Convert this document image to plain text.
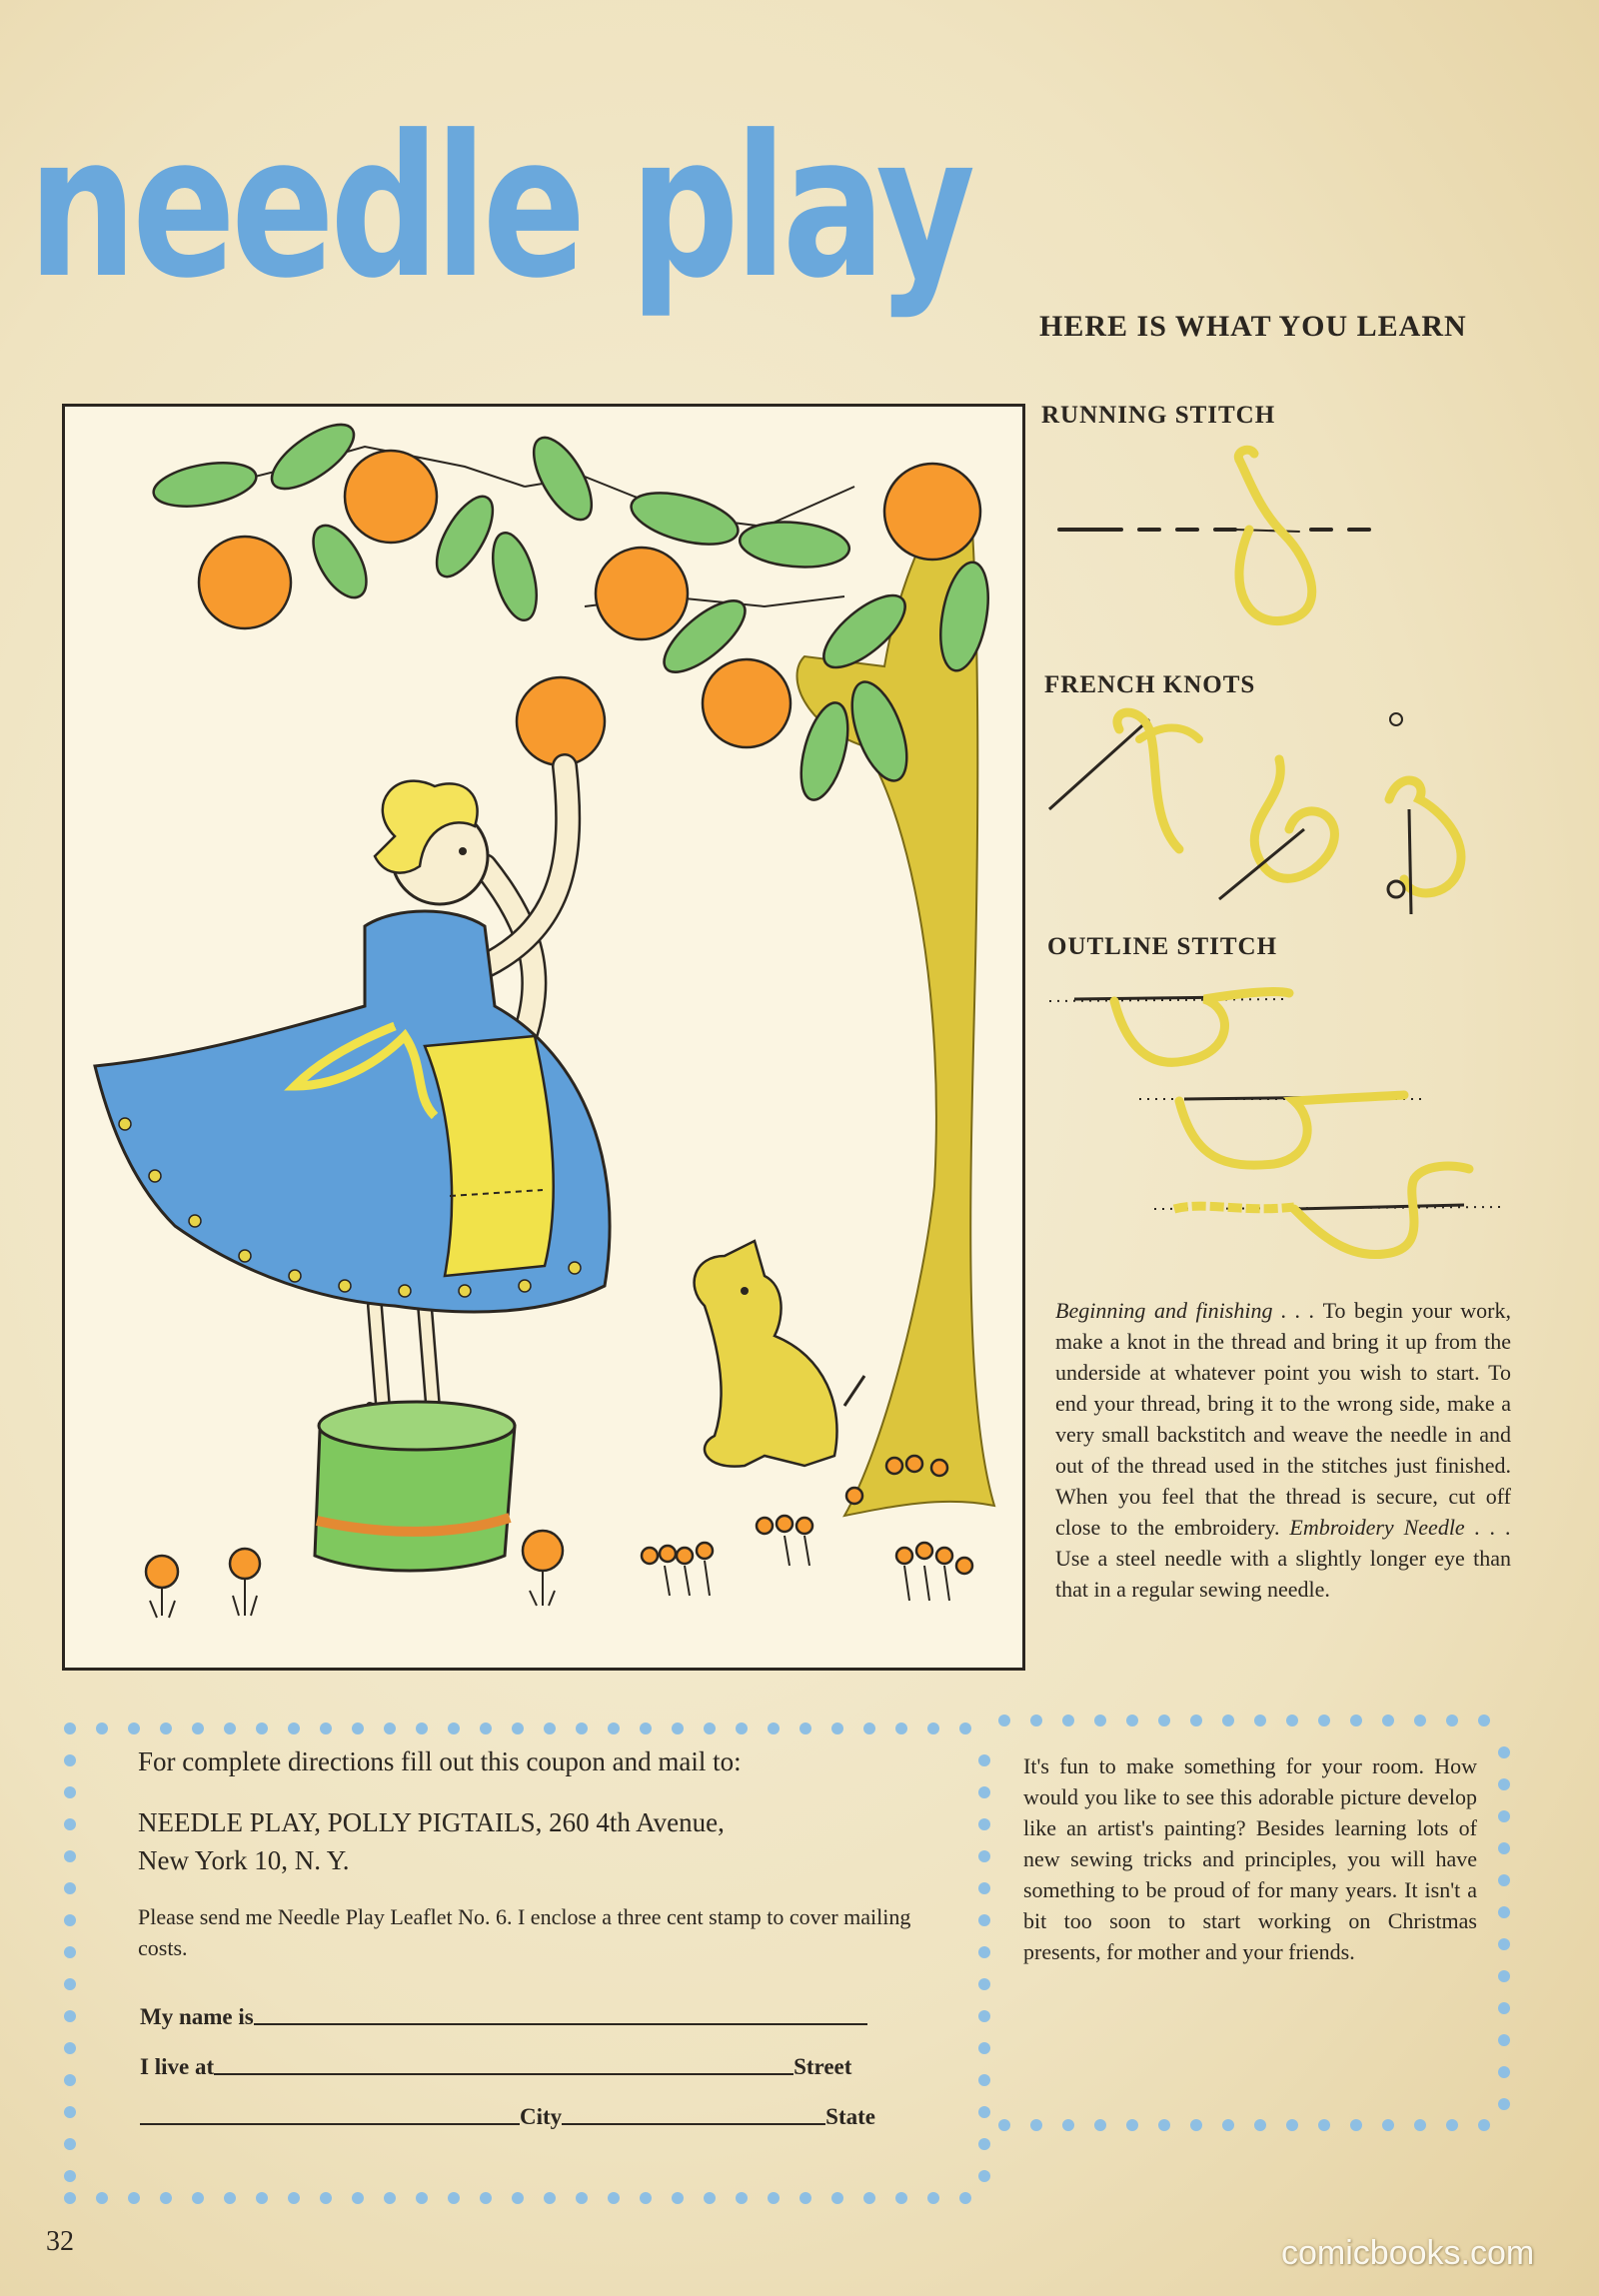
needle play
HERE IS WHAT YOU LEARN
RUNNING STITCH
FRENCH KNOTS
OUTLINE STITCH
Beginning and finishing . . . To begin your work, make a knot in the thread and bring it up from the underside at whatever point you wish to start. To end your thread, bring it to the wrong side, make a very small backstitch and weave the needle in and out of the thread used in the stitches just finished. When you feel that the thread is secure, cut off close to the embroidery. Embroidery Needle . . . Use a steel needle with a slightly longer eye than that in a regular sewing needle.

For complete directions fill out this coupon and mail to:

NEEDLE PLAY, POLLY PIGTAILS, 260 4th Avenue,
New York 10, N. Y.

Please send me Needle Play Leaflet No. 6. I enclose a three cent stamp to cover mailing costs.

My name is
I live at	Street
City	State
It's fun to make something for your room. How would you like to see this adorable picture develop like an artist's painting? Besides learning lots of new sewing tricks and principles, you will have something to be proud of for many years. It isn't a bit too soon to start working on Christmas presents, for mother and your friends.
32	comicbooks.com
